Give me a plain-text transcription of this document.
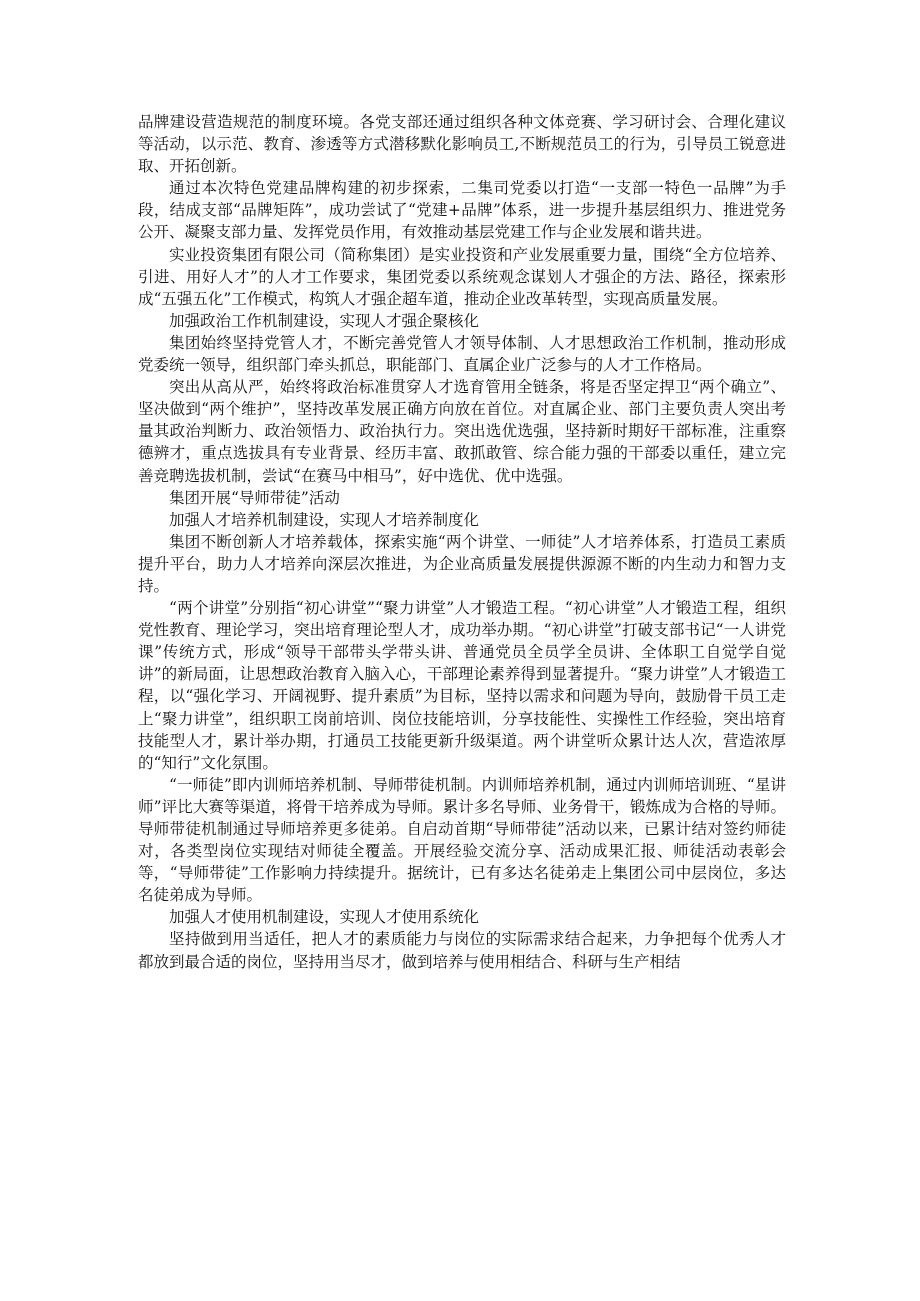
品牌建设营造规范的制度环境。各党支部还通过组织各种文体竞赛、学习研讨会、合理化建议等活动，以示范、教育、渗透等方式潜移默化影响员工,不断规范员工的行为，引导员工锐意进取、开拓创新。

通过本次特色党建品牌构建的初步探索，二集司党委以打造“一支部一特色一品牌”为手段，结成支部“品牌矩阵”，成功尝试了“党建+品牌”体系，进一步提升基层组织力、推进党务公开、凝聚支部力量、发挥党员作用，有效推动基层党建工作与企业发展和谐共进。

实业投资集团有限公司（简称集团）是实业投资和产业发展重要力量，围绕“全方位培养、引进、用好人才”的人才工作要求，集团党委以系统观念谋划人才强企的方法、路径，探索形成“五强五化”工作模式，构筑人才强企超车道，推动企业改革转型，实现高质量发展。

加强政治工作机制建设，实现人才强企聚核化

集团始终坚持党管人才，不断完善党管人才领导体制、人才思想政治工作机制，推动形成党委统一领导，组织部门牵头抓总，职能部门、直属企业广泛参与的人才工作格局。

突出从高从严，始终将政治标准贯穿人才选育管用全链条，将是否坚定捍卫“两个确立”、坚决做到“两个维护”，坚持改革发展正确方向放在首位。对直属企业、部门主要负责人突出考量其政治判断力、政治领悟力、政治执行力。突出选优选强，坚持新时期好干部标准，注重察德辨才，重点选拔具有专业背景、经历丰富、敢抓敢管、综合能力强的干部委以重任，建立完善竞聘选拔机制，尝试“在赛马中相马”，好中选优、优中选强。

集团开展“导师带徒”活动

加强人才培养机制建设，实现人才培养制度化

集团不断创新人才培养载体，探索实施“两个讲堂、一师徒”人才培养体系，打造员工素质提升平台，助力人才培养向深层次推进，为企业高质量发展提供源源不断的内生动力和智力支持。

“两个讲堂”分别指“初心讲堂”“聚力讲堂”人才锻造工程。“初心讲堂”人才锻造工程，组织党性教育、理论学习，突出培育理论型人才，成功举办期。“初心讲堂”打破支部书记“一人讲党课”传统方式，形成“领导干部带头学带头讲、普通党员全员学全员讲、全体职工自觉学自觉讲”的新局面，让思想政治教育入脑入心，干部理论素养得到显著提升。“聚力讲堂”人才锻造工程，以“强化学习、开阔视野、提升素质”为目标，坚持以需求和问题为导向，鼓励骨干员工走上“聚力讲堂”，组织职工岗前培训、岗位技能培训，分享技能性、实操性工作经验，突出培育技能型人才，累计举办期，打通员工技能更新升级渠道。两个讲堂听众累计达人次，营造浓厚的“知行”文化氛围。

“一师徒”即内训师培养机制、导师带徒机制。内训师培养机制，通过内训师培训班、“星讲师”评比大赛等渠道，将骨干培养成为导师。累计多名导师、业务骨干，锻炼成为合格的导师。导师带徒机制通过导师培养更多徒弟。自启动首期“导师带徒”活动以来，已累计结对签约师徒对，各类型岗位实现结对师徒全覆盖。开展经验交流分享、活动成果汇报、师徒活动表彰会等，“导师带徒”工作影响力持续提升。据统计，已有多达名徒弟走上集团公司中层岗位，多达名徒弟成为导师。

加强人才使用机制建设，实现人才使用系统化

坚持做到用当适任，把人才的素质能力与岗位的实际需求结合起来，力争把每个优秀人才都放到最合适的岗位，坚持用当尽才，做到培养与使用相结合、科研与生产相结
